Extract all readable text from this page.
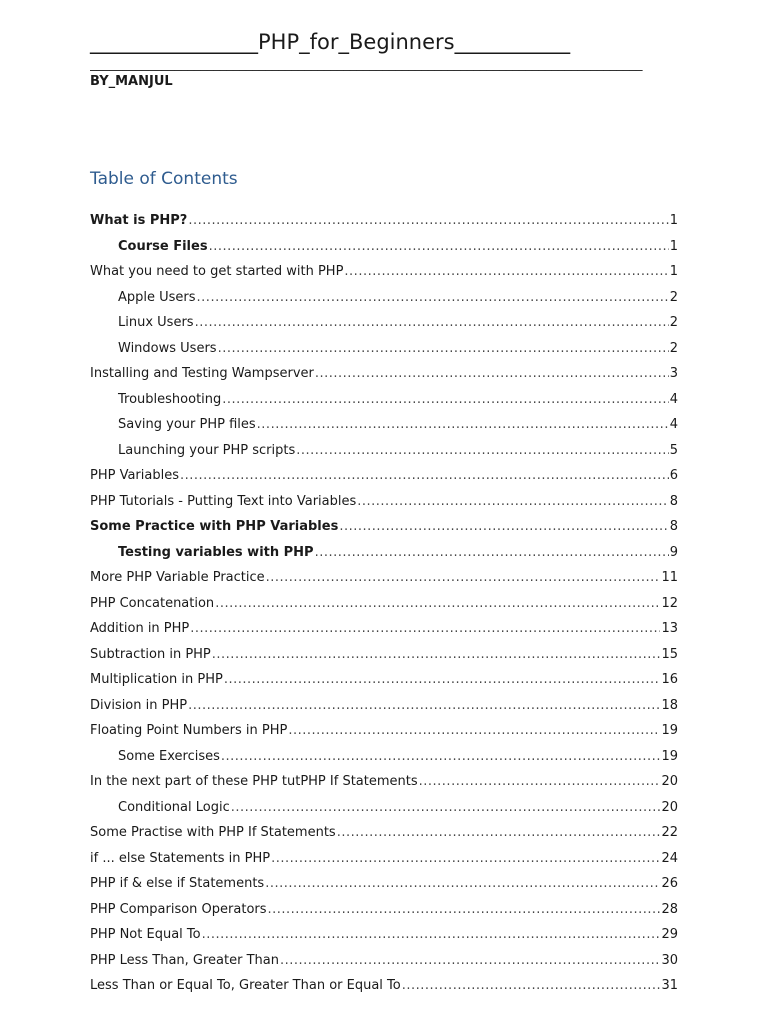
________________PHP_for_Beginners___________
_____________________________________________________________________________________
BY_MANJUL
Table of Contents
What is PHP? .....	1
Course Files .....	1
What you need to get started with PHP .....	1
Apple Users .....	2
Linux Users .....	2
Windows Users .....	2
Installing and Testing Wampserver .....	3
Troubleshooting .....	4
Saving your PHP files .....	4
Launching your PHP scripts .....	5
PHP Variables .....	6
PHP Tutorials - Putting Text into Variables .....	8
Some Practice with PHP Variables .....	8
Testing variables with PHP .....	9
More PHP Variable Practice .....	11
PHP Concatenation .....	12
Addition in PHP .....	13
Subtraction in PHP .....	15
Multiplication in PHP .....	16
Division in PHP .....	18
Floating Point Numbers in PHP .....	19
Some Exercises .....	19
In the next part of these PHP tutPHP If Statements .....	20
Conditional Logic .....	20
Some Practise with PHP If Statements .....	22
if ... else Statements in PHP .....	24
PHP if & else if Statements .....	26
PHP Comparison Operators .....	28
PHP Not Equal To .....	29
PHP Less Than, Greater Than .....	30
Less Than or Equal To, Greater Than or Equal To .....	31
